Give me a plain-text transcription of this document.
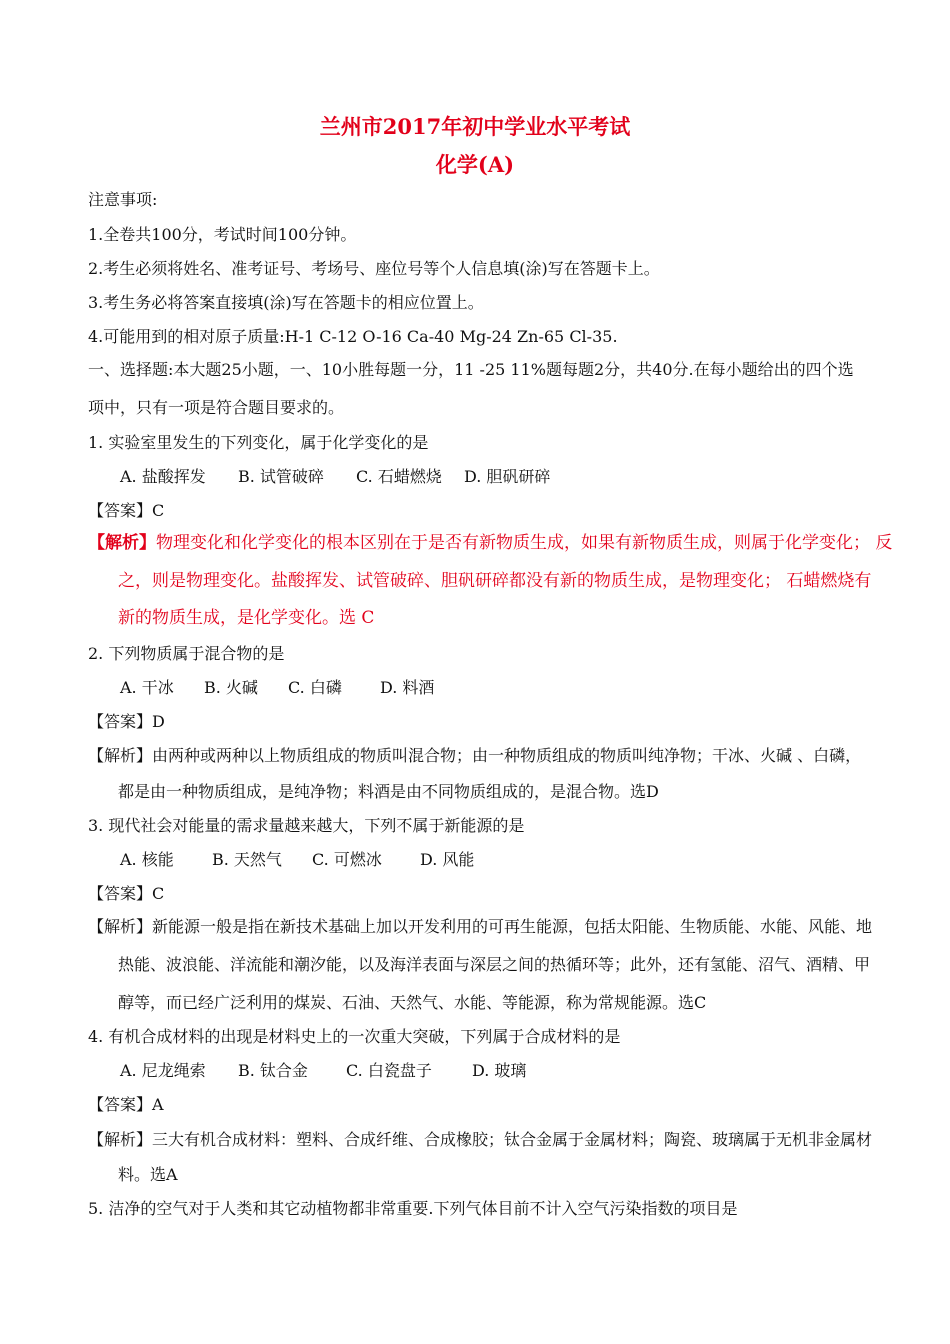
兰州市2017年初中学业水平考试
化学(A)
注意事项:
1.全卷共100分，考试时间100分钟。
2.考生必须将姓名、准考证号、考场号、座位号等个人信息填(涂)写在答题卡上。
3.考生务必将答案直接填(涂)写在答题卡的相应位置上。
4.可能用到的相对原子质量:H-1 C-12 O-16 Ca-40 Mg-24 Zn-65 Cl-35.
一、选择题:本大题25小题，一、10小胜每题一分，11 -25 11%题每题2分，共40分.在每小题给出的四个选
项中，只有一项是符合题目要求的。
1. 实验室里发生的下列变化，属于化学变化的是
A. 盐酸挥发 B. 试管破碎 C. 石蜡燃烧 D. 胆矾研碎
【答案】C
【解析】物理变化和化学变化的根本区别在于是否有新物质生成，如果有新物质生成，则属于化学变化； 反
之，则是物理变化。盐酸挥发、试管破碎、胆矾研碎都没有新的物质生成，是物理变化； 石蜡燃烧有
新的物质生成，是化学变化。选 C
2. 下列物质属于混合物的是
A. 干冰 B. 火碱 C. 白磷 D. 料酒
【答案】D
【解析】由两种或两种以上物质组成的物质叫混合物；由一种物质组成的物质叫纯净物；干冰、火碱 、白磷，
都是由一种物质组成，是纯净物；料酒是由不同物质组成的，是混合物。选D
3. 现代社会对能量的需求量越来越大，下列不属于新能源的是
A. 核能 B. 天然气 C. 可燃冰 D. 风能
【答案】C
【解析】新能源一般是指在新技术基础上加以开发利用的可再生能源，包括太阳能、生物质能、水能、风能、地
热能、波浪能、洋流能和潮汐能，以及海洋表面与深层之间的热循环等；此外，还有氢能、沼气、酒精、甲
醇等，而已经广泛利用的煤炭、石油、天然气、水能、等能源，称为常规能源。选C
4. 有机合成材料的出现是材料史上的一次重大突破，下列属于合成材料的是
A. 尼龙绳索 B. 钛合金 C. 白瓷盘子	D. 玻璃
【答案】A
【解析】三大有机合成材料：塑料、合成纤维、合成橡胶；钛合金属于金属材料；陶瓷、玻璃属于无机非金属材
料。选A
5. 洁净的空气对于人类和其它动植物都非常重要.下列气体目前不计入空气污染指数的项目是
